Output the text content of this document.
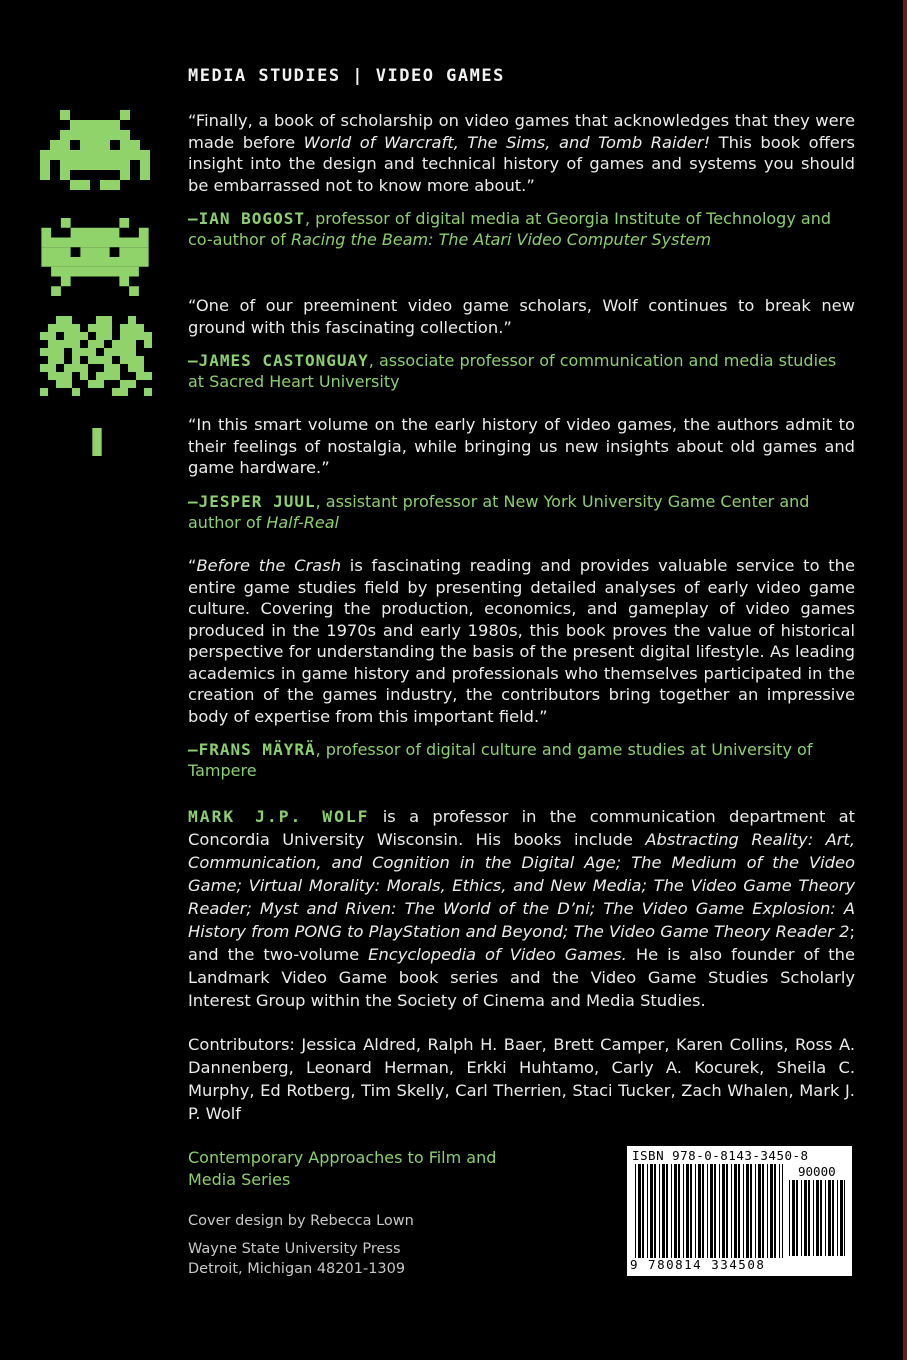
MEDIA STUDIES | VIDEO GAMES

“Finally, a book of scholarship on video games that acknowledges that they were made before World of Warcraft, The Sims, and Tomb Raider! This book offers insight into the design and technical history of games and systems you should be embarrassed not to know more about.”

—IAN BOGOST, professor of digital media at Georgia Institute of Technology and co-author of Racing the Beam: The Atari Video Computer System

“One of our preeminent video game scholars, Wolf continues to break new ground with this fascinating collection.”

—JAMES CASTONGUAY, associate professor of communication and media studies at Sacred Heart University

“In this smart volume on the early history of video games, the authors admit to their feelings of nostalgia, while bringing us new insights about old games and game hardware.”

—JESPER JUUL, assistant professor at New York University Game Center and author of Half-Real

“Before the Crash is fascinating reading and provides valuable service to the entire game studies field by presenting detailed analyses of early video game culture. Covering the production, economics, and gameplay of video games produced in the 1970s and early 1980s, this book proves the value of historical perspective for understanding the basis of the present digital lifestyle. As leading academics in game history and professionals who themselves participated in the creation of the games industry, the contributors bring together an impressive body of expertise from this important field.”

—FRANS MÄYRÄ, professor of digital culture and game studies at University of Tampere

MARK J.P. WOLF is a professor in the communication department at Concordia University Wisconsin. His books include Abstracting Reality: Art, Communication, and Cognition in the Digital Age; The Medium of the Video Game; Virtual Morality: Morals, Ethics, and New Media; The Video Game Theory Reader; Myst and Riven: The World of the D’ni; The Video Game Explosion: A History from PONG to PlayStation and Beyond; The Video Game Theory Reader 2; and the two-volume Encyclopedia of Video Games. He is also founder of the Landmark Video Game book series and the Video Game Studies Scholarly Interest Group within the Society of Cinema and Media Studies.

Contributors: Jessica Aldred, Ralph H. Baer, Brett Camper, Karen Collins, Ross A. Dannenberg, Leonard Herman, Erkki Huhtamo, Carly A. Kocurek, Sheila C. Murphy, Ed Rotberg, Tim Skelly, Carl Therrien, Staci Tucker, Zach Whalen, Mark J. P. Wolf

Contemporary Approaches to Film and Media Series
Cover design by Rebecca Lown
Wayne State University Press
Detroit, Michigan 48201-1309
ISBN 978-0-8143-3450-8
90000
9 780814 334508
